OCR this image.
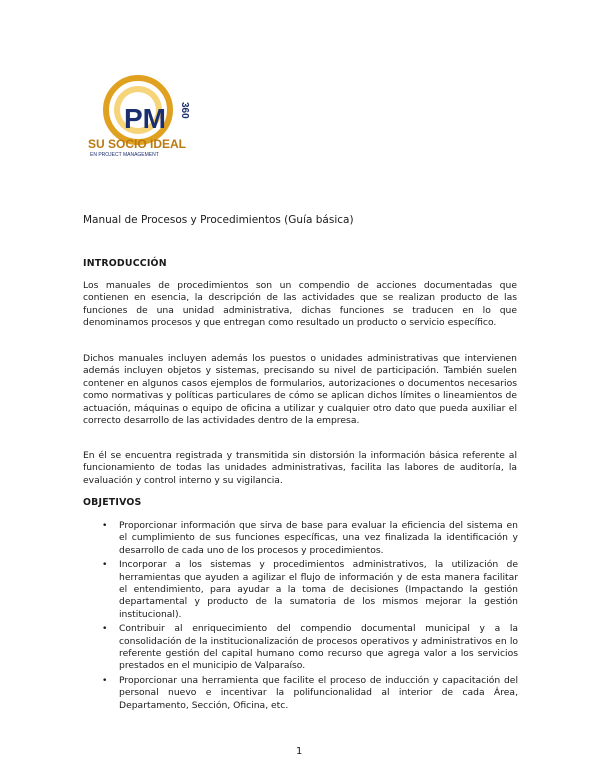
PM 360
SU SOCIO IDEAL
EN PROJECT MANAGEMENT
Manual de Procesos y Procedimientos (Guía básica)
INTRODUCCIÓN

Los manuales de procedimientos son un compendio de acciones documentadas que contienen en esencia, la descripción de las actividades que se realizan producto de las funciones de una unidad administrativa, dichas funciones se traducen en lo que denominamos procesos y que entregan como resultado un producto o servicio específico.

Dichos manuales incluyen además los puestos o unidades administrativas que intervienen además incluyen objetos y sistemas, precisando su nivel de participación. También suelen contener en algunos casos ejemplos de formularios, autorizaciones o documentos necesarios como normativas y políticas particulares de cómo se aplican dichos límites o lineamientos de actuación, máquinas o equipo de oficina a utilizar y cualquier otro dato que pueda auxiliar el correcto desarrollo de las actividades dentro de la empresa.

En él se encuentra registrada y transmitida sin distorsión la información básica referente al funcionamiento de todas las unidades administrativas, facilita las labores de auditoría, la evaluación y control interno y su vigilancia.

OBJETIVOS
• Proporcionar información que sirva de base para evaluar la eficiencia del sistema en el cumplimiento de sus funciones específicas, una vez finalizada la identificación y desarrollo de cada uno de los procesos y procedimientos.
• Incorporar a los sistemas y procedimientos administrativos, la utilización de herramientas que ayuden a agilizar el flujo de información y de esta manera facilitar el entendimiento, para ayudar a la toma de decisiones (Impactando la gestión departamental y producto de la sumatoria de los mismos mejorar la gestión institucional).
• Contribuir al enriquecimiento del compendio documental municipal y a la consolidación de la institucionalización de procesos operativos y administrativos en lo referente gestión del capital humano como recurso que agrega valor a los servicios prestados en el municipio de Valparaíso.
• Proporcionar una herramienta que facilite el proceso de inducción y capacitación del personal nuevo e incentivar la polifuncionalidad al interior de cada Área, Departamento, Sección, Oficina, etc.
1
